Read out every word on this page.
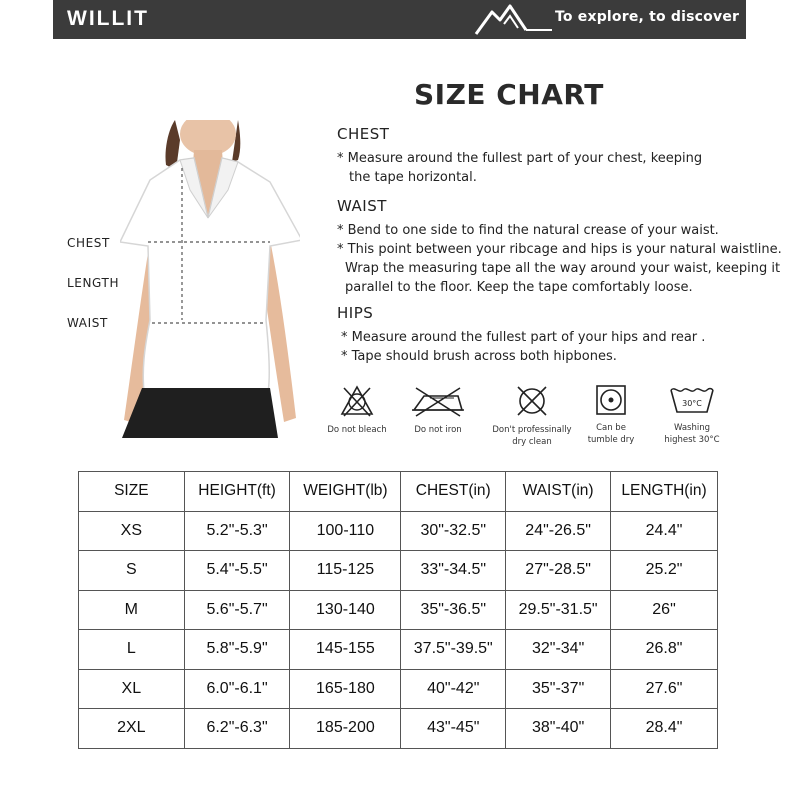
WILLIT	To explore, to discover
SIZE CHART
CHEST
LENGTH
WAIST
CHEST
* Measure around the fullest part of your chest, keeping
the tape horizontal.
WAIST
* Bend to one side to find the natural crease of your waist.
* This point between your ribcage and hips is your natural waistline.
Wrap the measuring tape all the way around your waist, keeping it
parallel to the floor. Keep the tape comfortably loose.
HIPS
* Measure around the fullest part of your hips and rear .
* Tape should brush across both hipbones.
Do not bleach	Do not iron	Don't professinally
dry clean
Can be
tumble dry
30°C
Washing
highest 30°C
SIZE	HEIGHT(ft)	WEIGHT(lb)	CHEST(in)	WAIST(in)	LENGTH(in)
XS	5.2"-5.3"	100-110	30"-32.5"	24"-26.5"	24.4"
S	5.4"-5.5"	115-125	33"-34.5"	27"-28.5"	25.2"
M	5.6"-5.7"	130-140	35"-36.5"	29.5"-31.5"	26"
L	5.8"-5.9"	145-155	37.5"-39.5"	32"-34"	26.8"
XL	6.0"-6.1"	165-180	40"-42"	35"-37"	27.6"
2XL	6.2"-6.3"	185-200	43"-45"	38"-40"	28.4"
